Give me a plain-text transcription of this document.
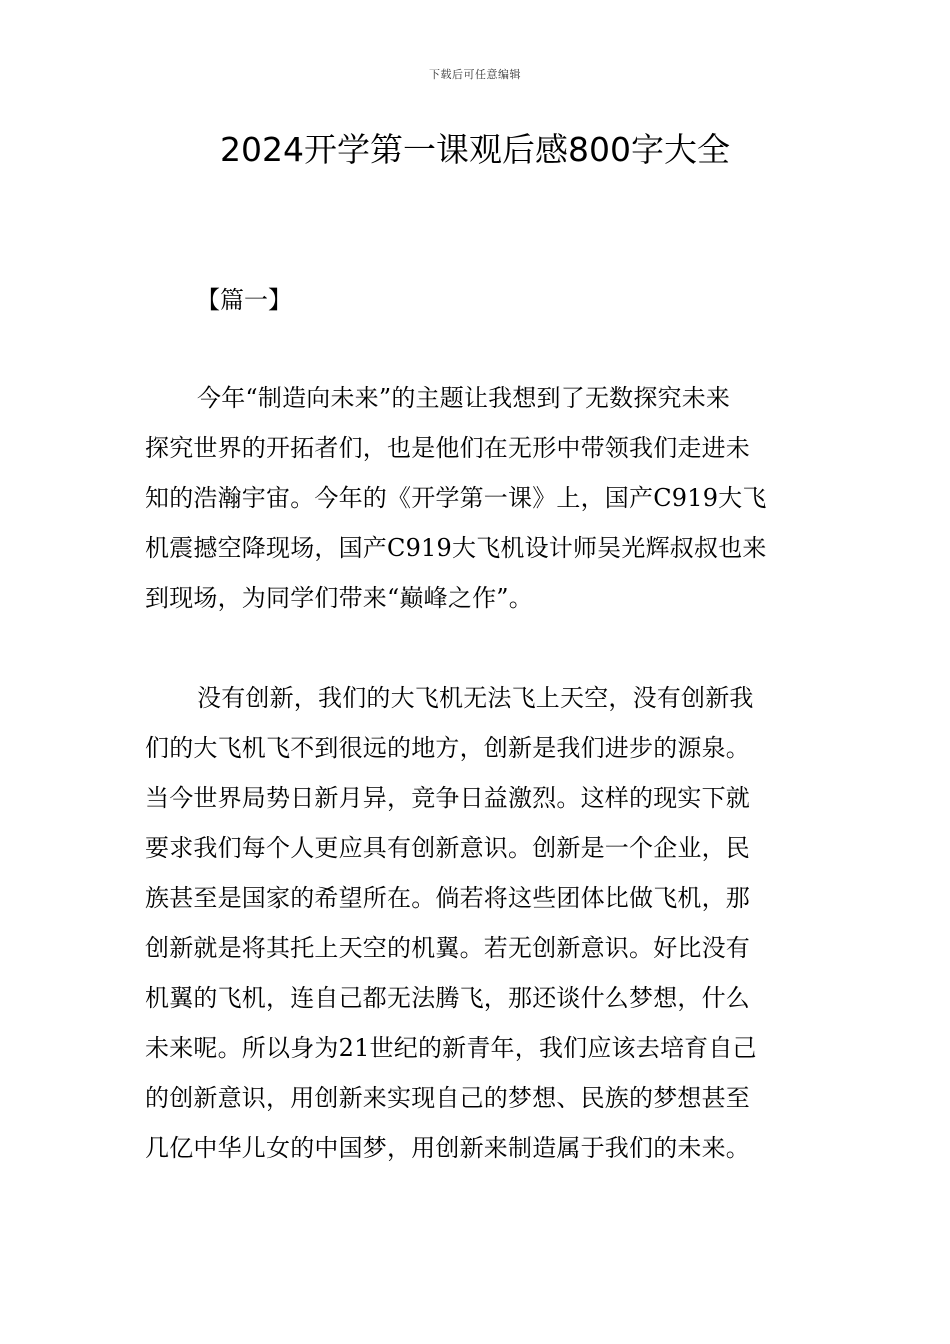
下载后可任意编辑
2024开学第一课观后感800字大全
【篇一】

今年“制造向未来”的主题让我想到了无数探究未来
探究世界的开拓者们，也是他们在无形中带领我们走进未
知的浩瀚宇宙。今年的《开学第一课》上，国产C919大飞
机震撼空降现场，国产C919大飞机设计师吴光辉叔叔也来
到现场，为同学们带来“巅峰之作”。

没有创新，我们的大飞机无法飞上天空，没有创新我
们的大飞机飞不到很远的地方，创新是我们进步的源泉。
当今世界局势日新月异，竞争日益激烈。这样的现实下就
要求我们每个人更应具有创新意识。创新是一个企业，民
族甚至是国家的希望所在。倘若将这些团体比做飞机，那
创新就是将其托上天空的机翼。若无创新意识。好比没有
机翼的飞机，连自己都无法腾飞，那还谈什么梦想，什么
未来呢。所以身为21世纪的新青年，我们应该去培育自己
的创新意识，用创新来实现自己的梦想、民族的梦想甚至
几亿中华儿女的中国梦，用创新来制造属于我们的未来。
